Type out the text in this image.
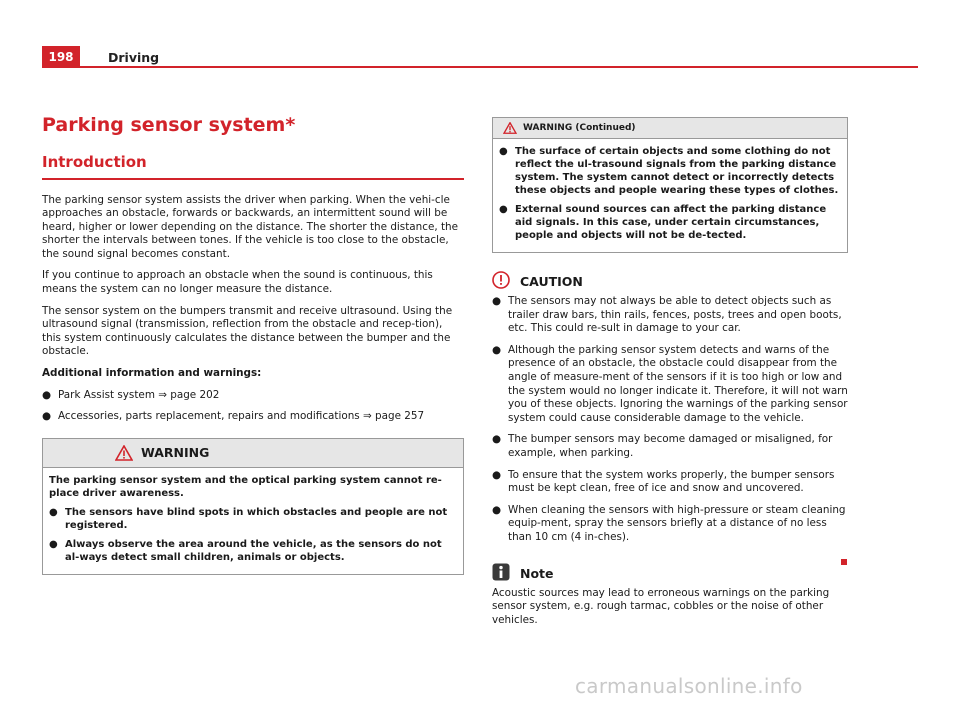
198	Driving
Parking sensor system*
Introduction

The parking sensor system assists the driver when parking. When the vehi-cle approaches an obstacle, forwards or backwards, an intermittent sound will be heard, higher or lower depending on the distance. The shorter the distance, the shorter the intervals between tones. If the vehicle is too close to the obstacle, the sound signal becomes constant.

If you continue to approach an obstacle when the sound is continuous, this means the system can no longer measure the distance.

The sensor system on the bumpers transmit and receive ultrasound. Using the ultrasound signal (transmission, reflection from the obstacle and recep-tion), this system continuously calculates the distance between the bumper and the obstacle.

Additional information and warnings:

● Park Assist system ⇒ page 202
● Accessories, parts replacement, repairs and modifications ⇒ page 257
WARNING

The parking sensor system and the optical parking system cannot re-place driver awareness.

● The sensors have blind spots in which obstacles and people are not registered.
● Always observe the area around the vehicle, as the sensors do not al-ways detect small children, animals or objects.
WARNING (Continued)
● The surface of certain objects and some clothing do not reflect the ul-trasound signals from the parking distance system. The system cannot detect or incorrectly detects these objects and people wearing these types of clothes.
● External sound sources can affect the parking distance aid signals. In this case, under certain circumstances, people and objects will not be de-tected.
CAUTION
● The sensors may not always be able to detect objects such as trailer draw bars, thin rails, fences, posts, trees and open boots, etc. This could re-sult in damage to your car.
● Although the parking sensor system detects and warns of the presence of an obstacle, the obstacle could disappear from the angle of measure-ment of the sensors if it is too high or low and the system would no longer indicate it. Therefore, it will not warn you of these objects. Ignoring the warnings of the parking sensor system could cause considerable damage to the vehicle.
● The bumper sensors may become damaged or misaligned, for example, when parking.
● To ensure that the system works properly, the bumper sensors must be kept clean, free of ice and snow and uncovered.
● When cleaning the sensors with high-pressure or steam cleaning equip-ment, spray the sensors briefly at a distance of no less than 10 cm (4 in-ches).
Note

Acoustic sources may lead to erroneous warnings on the parking sensor system, e.g. rough tarmac, cobbles or the noise of other vehicles.

carmanualsonline.info
